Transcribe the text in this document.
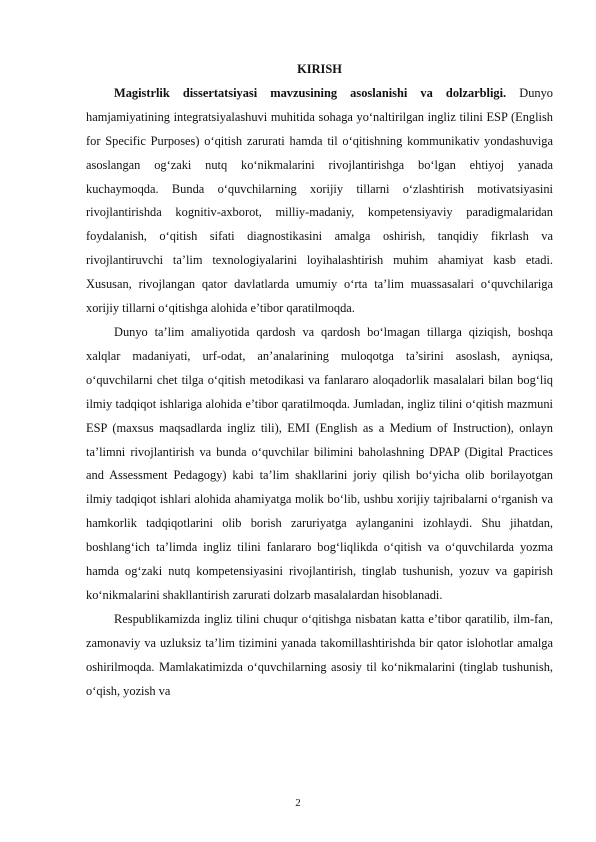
KIRISH

Magistrlik dissertatsiyasi mavzusining asoslanishi va dolzarbligi. Dunyo hamjamiyatining integratsiyalashuvi muhitida sohaga yo‘naltirilgan ingliz tilini ESP (English for Specific Purposes) o‘qitish zarurati hamda til o‘qitishning kommunikativ yondashuviga asoslangan og‘zaki nutq ko‘nikmalarini rivojlantirishga bo‘lgan ehtiyoj yanada kuchaymoqda. Bunda o‘quvchilarning xorijiy tillarni o‘zlashtirish motivatsiyasini rivojlantirishda kognitiv-axborot, milliy-madaniy, kompetensiyaviy paradigmalaridan foydalanish, o‘qitish sifati diagnostikasini amalga oshirish, tanqidiy fikrlash va rivojlantiruvchi ta’lim texnologiyalarini loyihalashtirish muhim ahamiyat kasb etadi. Xususan, rivojlangan qator davlatlarda umumiy o‘rta ta’lim muassasalari o‘quvchilariga xorijiy tillarni o‘qitishga alohida e’tibor qaratilmoqda.

Dunyo ta’lim amaliyotida qardosh va qardosh bo‘lmagan tillarga qiziqish, boshqa xalqlar madaniyati, urf-odat, an’analarining muloqotga ta’sirini asoslash, ayniqsa, o‘quvchilarni chet tilga o‘qitish metodikasi va fanlararo aloqadorlik masalalari bilan bog‘liq ilmiy tadqiqot ishlariga alohida e’tibor qaratilmoqda. Jumladan, ingliz tilini o‘qitish mazmuni ESP (maxsus maqsadlarda ingliz tili), EMI (English as a Medium of Instruction), onlayn ta’limni rivojlantirish va bunda o‘quvchilar bilimini baholashning DPAP (Digital Practices and Assessment Pedagogy) kabi ta’lim shakllarini joriy qilish bo‘yicha olib borilayotgan ilmiy tadqiqot ishlari alohida ahamiyatga molik bo‘lib, ushbu xorijiy tajribalarni o‘rganish va hamkorlik tadqiqotlarini olib borish zaruriyatga aylanganini izohlaydi. Shu jihatdan, boshlang‘ich ta’limda ingliz tilini fanlararo bog‘liqlikda o‘qitish va o‘quvchilarda yozma hamda og‘zaki nutq kompetensiyasini rivojlantirish, tinglab tushunish, yozuv va gapirish ko‘nikmalarini shakllantirish zarurati dolzarb masalalardan hisoblanadi.

Respublikamizda ingliz tilini chuqur o‘qitishga nisbatan katta e’tibor qaratilib, ilm-fan, zamonaviy va uzluksiz ta’lim tizimini yanada takomillashtirishda bir qator islohotlar amalga oshirilmoqda. Mamlakatimizda o‘quvchilarning asosiy til ko‘nikmalarini (tinglab tushunish, o‘qish, yozish va

2
